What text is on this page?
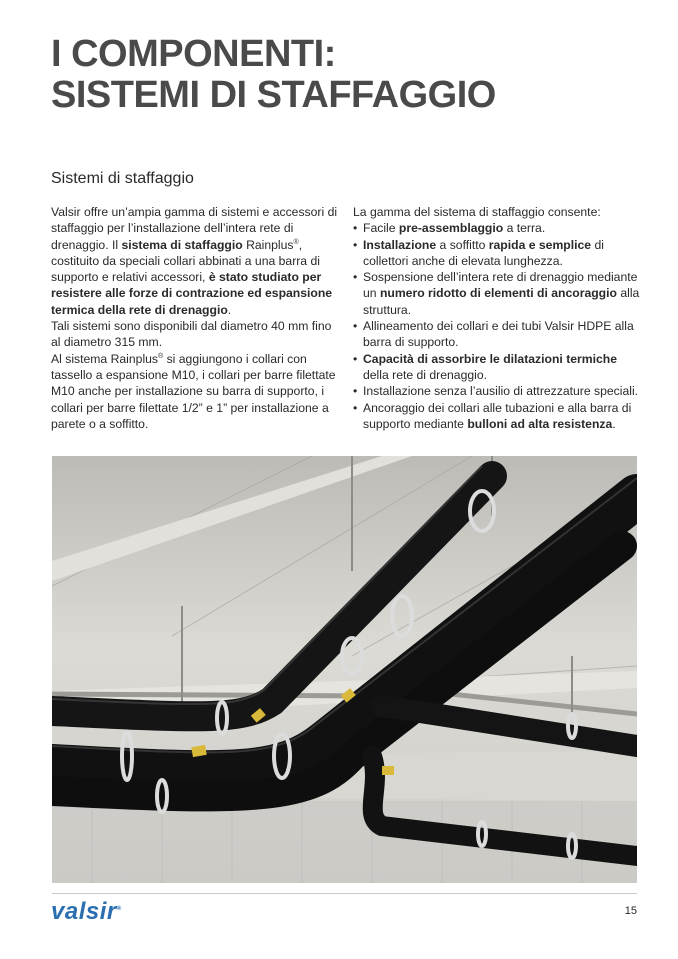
I COMPONENTI:
SISTEMI DI STAFFAGGIO
Sistemi di staffaggio

Valsir offre un’ampia gamma di sistemi e accessori di staffaggio per l’installazione dell’intera rete di drenaggio. Il sistema di staffaggio Rainplus®, costituito da speciali collari abbinati a una barra di supporto e relativi accessori, è stato studiato per resistere alle forze di contrazione ed espansione termica della rete di drenaggio.

Tali sistemi sono disponibili dal diametro 40 mm fino al diametro 315 mm.

Al sistema Rainplus® si aggiungono i collari con tassello a espansione M10, i collari per barre filettate M10 anche per installazione su barra di supporto, i collari per barre filettate 1/2” e 1” per installazione a parete o a soffitto.

La gamma del sistema di staffaggio consente:

• Facile pre-assemblaggio a terra.
• Installazione a soffitto rapida e semplice di collettori anche di elevata lunghezza.
• Sospensione dell’intera rete di drenaggio mediante un numero ridotto di elementi di ancoraggio alla struttura.
• Allineamento dei collari e dei tubi Valsir HDPE alla barra di supporto.
• Capacità di assorbire le dilatazioni termiche della rete di drenaggio.
• Installazione senza l’ausilio di attrezzature speciali.
• Ancoraggio dei collari alle tubazioni e alla barra di supporto mediante bulloni ad alta resistenza.
valsir®	15
